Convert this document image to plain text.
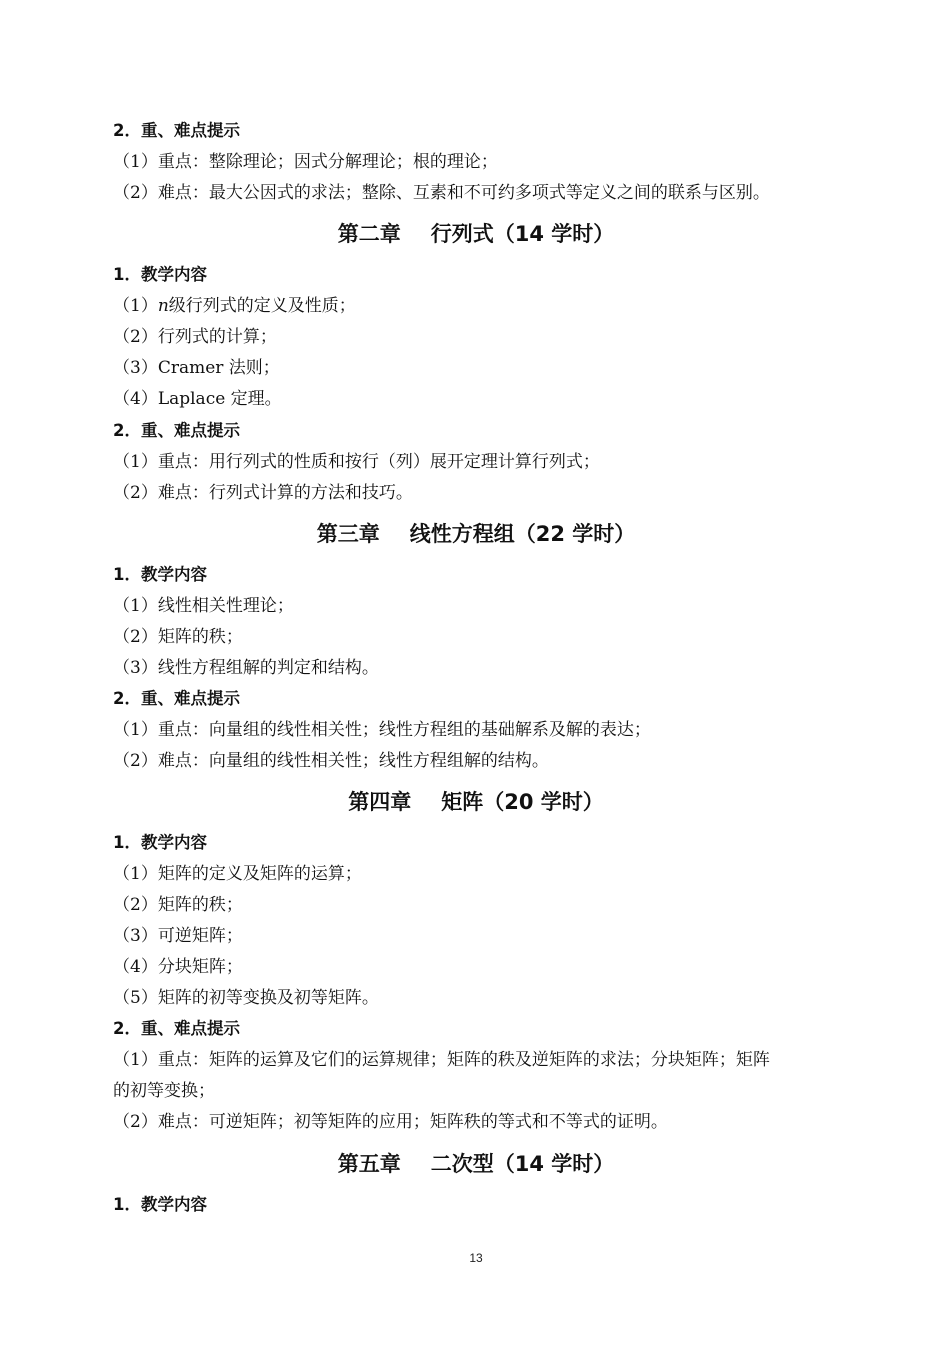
2．重、难点提示
（1）重点：整除理论；因式分解理论；根的理论；
（2）难点：最大公因式的求法；整除、互素和不可约多项式等定义之间的联系与区别。
第二章 行列式（14 学时）
1．教学内容
（1）n级行列式的定义及性质；
（2）行列式的计算；
（3）Cramer 法则；
（4）Laplace 定理。
2．重、难点提示
（1）重点：用行列式的性质和按行（列）展开定理计算行列式；
（2）难点：行列式计算的方法和技巧。
第三章 线性方程组（22 学时）
1．教学内容
（1）线性相关性理论；
（2）矩阵的秩；
（3）线性方程组解的判定和结构。
2．重、难点提示
（1）重点：向量组的线性相关性；线性方程组的基础解系及解的表达；
（2）难点：向量组的线性相关性；线性方程组解的结构。
第四章 矩阵（20 学时）
1．教学内容
（1）矩阵的定义及矩阵的运算；
（2）矩阵的秩；
（3）可逆矩阵；
（4）分块矩阵；
（5）矩阵的初等变换及初等矩阵。
2．重、难点提示
（1）重点：矩阵的运算及它们的运算规律；矩阵的秩及逆矩阵的求法；分块矩阵；矩阵
的初等变换；
（2）难点：可逆矩阵；初等矩阵的应用；矩阵秩的等式和不等式的证明。
第五章 二次型（14 学时）
1．教学内容
13
